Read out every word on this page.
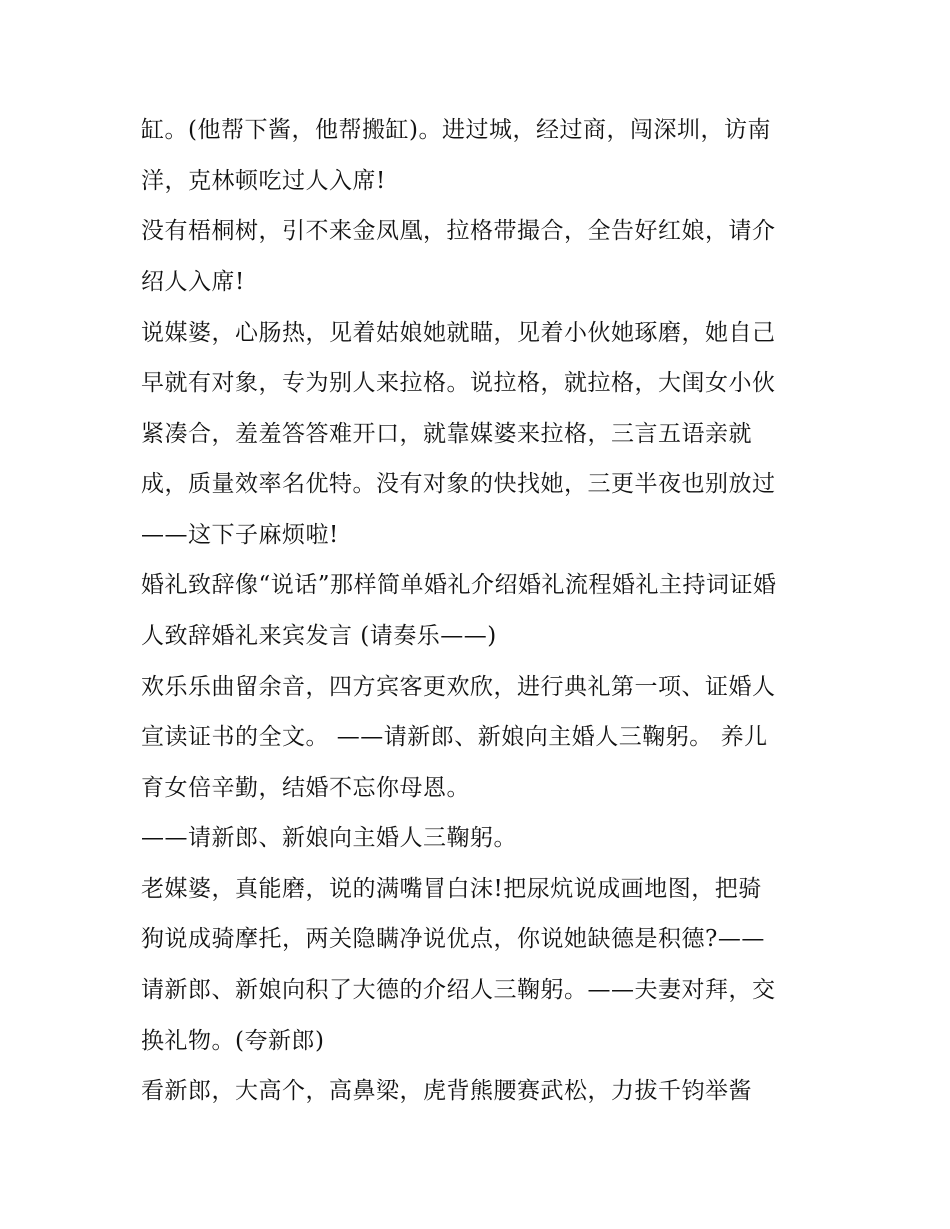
缸。(他帮下酱，他帮搬缸)。进过城，经过商，闯深圳，访南
洋，克林顿吃过人入席!
没有梧桐树，引不来金凤凰，拉格带撮合，全告好红娘，请介
绍人入席!
说媒婆，心肠热，见着姑娘她就瞄，见着小伙她琢磨，她自己
早就有对象，专为别人来拉格。说拉格，就拉格，大闺女小伙
紧凑合，羞羞答答难开口，就靠媒婆来拉格，三言五语亲就
成，质量效率名优特。没有对象的快找她，三更半夜也别放过
——这下子麻烦啦!
婚礼致辞像“说话”那样简单婚礼介绍婚礼流程婚礼主持词证婚
人致辞婚礼来宾发言 (请奏乐——)
欢乐乐曲留余音，四方宾客更欢欣，进行典礼第一项、证婚人
宣读证书的全文。 ——请新郎、新娘向主婚人三鞠躬。 养儿
育女倍辛勤，结婚不忘你母恩。
——请新郎、新娘向主婚人三鞠躬。
老媒婆，真能磨，说的满嘴冒白沫!把尿炕说成画地图，把骑
狗说成骑摩托，两关隐瞒净说优点，你说她缺德是积德?——
请新郎、新娘向积了大德的介绍人三鞠躬。——夫妻对拜，交
换礼物。(夸新郎)
看新郎，大高个，高鼻梁，虎背熊腰赛武松，力拔千钧举酱
